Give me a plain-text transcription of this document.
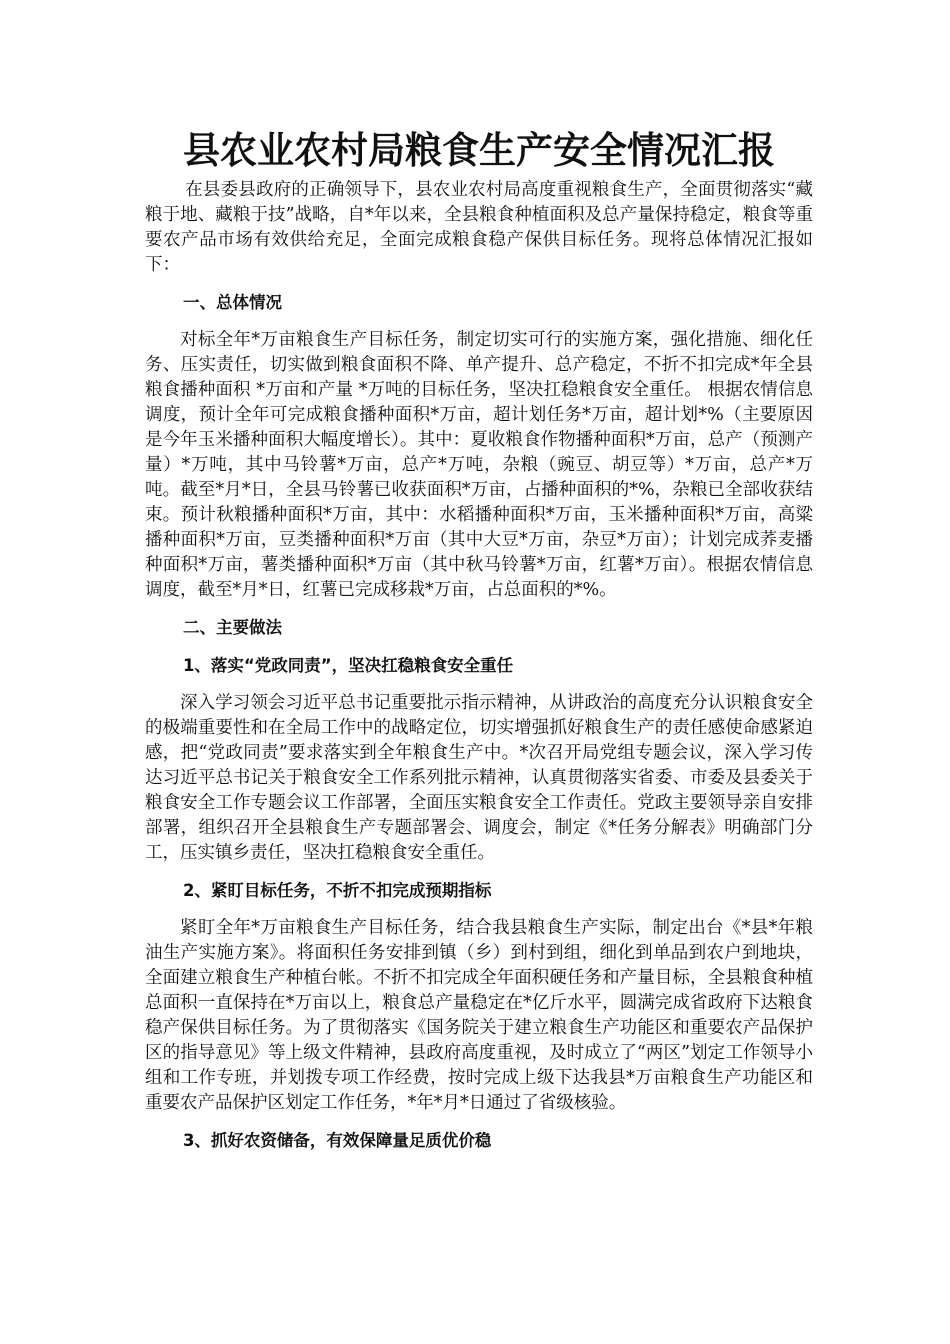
县农业农村局粮食生产安全情况汇报

在县委县政府的正确领导下，县农业农村局高度重视粮食生产，全面贯彻落实“藏粮于地、藏粮于技”战略，自*年以来，全县粮食种植面积及总产量保持稳定，粮食等重要农产品市场有效供给充足，全面完成粮食稳产保供目标任务。现将总体情况汇报如下：

一、总体情况

对标全年*万亩粮食生产目标任务，制定切实可行的实施方案，强化措施、细化任务、压实责任，切实做到粮食面积不降、单产提升、总产稳定，不折不扣完成*年全县粮食播种面积 *万亩和产量 *万吨的目标任务，坚决扛稳粮食安全重任。 根据农情信息调度，预计全年可完成粮食播种面积*万亩，超计划任务*万亩，超计划*%（主要原因是今年玉米播种面积大幅度增长）。其中：夏收粮食作物播种面积*万亩，总产（预测产量）*万吨，其中马铃薯*万亩，总产*万吨，杂粮（豌豆、胡豆等）*万亩，总产*万吨。截至*月*日，全县马铃薯已收获面积*万亩，占播种面积的*%，杂粮已全部收获结束。预计秋粮播种面积*万亩，其中：水稻播种面积*万亩，玉米播种面积*万亩，高粱播种面积*万亩，豆类播种面积*万亩（其中大豆*万亩，杂豆*万亩）；计划完成荞麦播种面积*万亩，薯类播种面积*万亩（其中秋马铃薯*万亩，红薯*万亩）。根据农情信息调度，截至*月*日，红薯已完成移栽*万亩，占总面积的*%。

二、主要做法

1、落实“党政同责”，坚决扛稳粮食安全重任

深入学习领会习近平总书记重要批示指示精神，从讲政治的高度充分认识粮食安全的极端重要性和在全局工作中的战略定位，切实增强抓好粮食生产的责任感使命感紧迫感，把“党政同责”要求落实到全年粮食生产中。*次召开局党组专题会议，深入学习传达习近平总书记关于粮食安全工作系列批示精神，认真贯彻落实省委、市委及县委关于粮食安全工作专题会议工作部署，全面压实粮食安全工作责任。党政主要领导亲自安排部署，组织召开全县粮食生产专题部署会、调度会，制定《*任务分解表》明确部门分工，压实镇乡责任，坚决扛稳粮食安全重任。

2、紧盯目标任务，不折不扣完成预期指标

紧盯全年*万亩粮食生产目标任务，结合我县粮食生产实际，制定出台《*县*年粮油生产实施方案》。将面积任务安排到镇（乡）到村到组，细化到单品到农户到地块，全面建立粮食生产种植台帐。不折不扣完成全年面积硬任务和产量目标，全县粮食种植总面积一直保持在*万亩以上，粮食总产量稳定在*亿斤水平，圆满完成省政府下达粮食稳产保供目标任务。为了贯彻落实《国务院关于建立粮食生产功能区和重要农产品保护区的指导意见》等上级文件精神，县政府高度重视，及时成立了“两区”划定工作领导小组和工作专班，并划拨专项工作经费，按时完成上级下达我县*万亩粮食生产功能区和重要农产品保护区划定工作任务，*年*月*日通过了省级核验。

3、抓好农资储备，有效保障量足质优价稳
